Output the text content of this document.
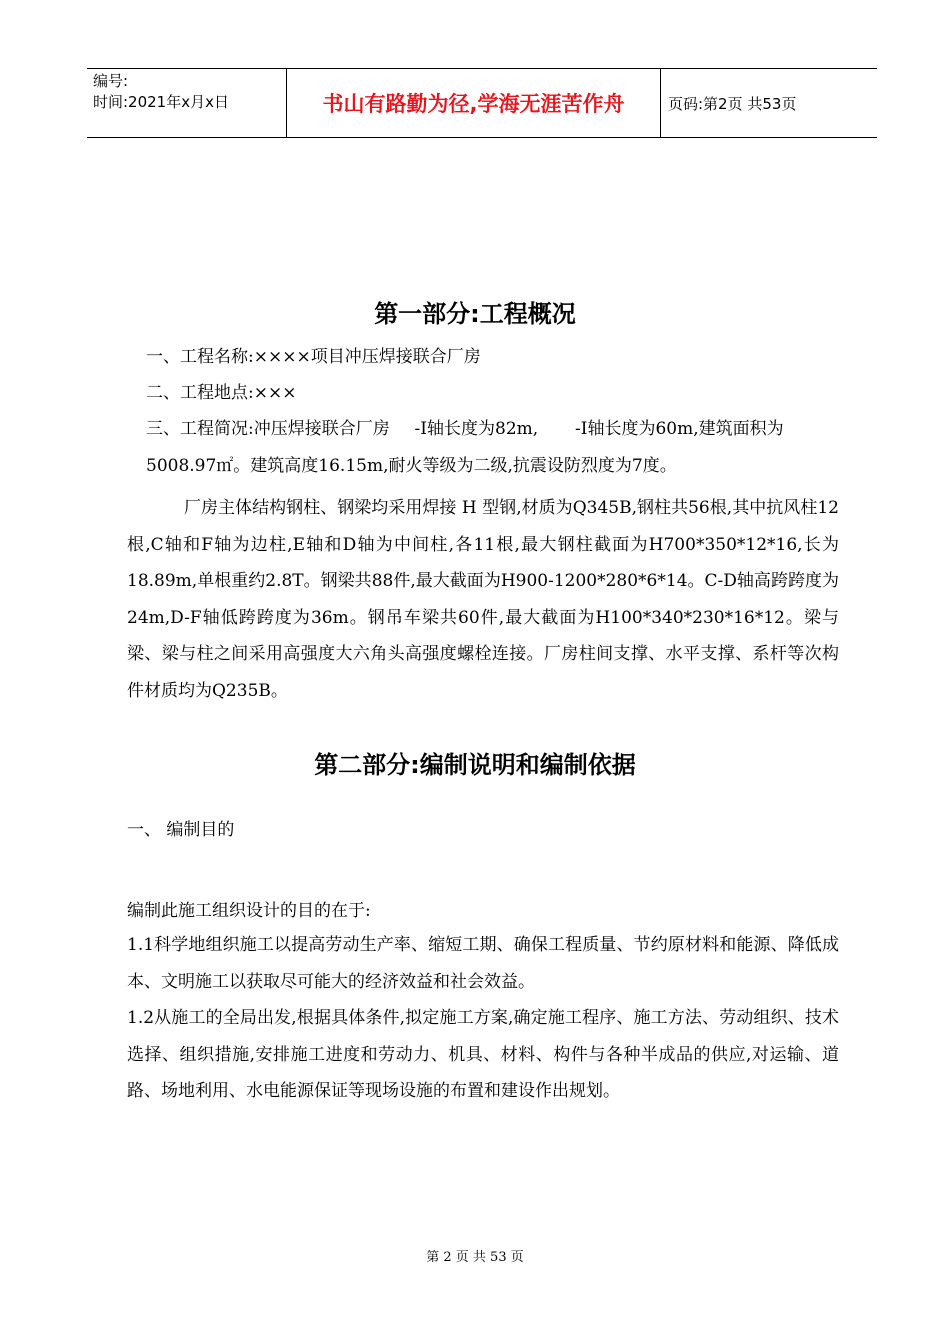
编号:
时间:2021年x月x日	书山有路勤为径,学海无涯苦作舟	页码:第2页 共53页
第一部分:工程概况
一、工程名称:××××项目冲压焊接联合厂房
二、工程地点:×××
三、工程简况:冲压焊接联合厂房 -Ⅰ轴长度为82m, -Ⅰ轴长度为60m,建筑面积为
5008.97㎡。建筑高度16.15m,耐火等级为二级,抗震设防烈度为7度。
厂房主体结构钢柱、钢梁均采用焊接 H 型钢,材质为Q345B,钢柱共56根,其中抗风柱12根,C轴和F轴为边柱,E轴和D轴为中间柱,各11根,最大钢柱截面为H700*350*12*16,长为18.89m,单根重约2.8T。钢梁共88件,最大截面为H900-1200*280*6*14。C-D轴高跨跨度为24m,D-F轴低跨跨度为36m。钢吊车梁共60件,最大截面为H100*340*230*16*12。梁与梁、梁与柱之间采用高强度大六角头高强度螺栓连接。厂房柱间支撑、水平支撑、系杆等次构件材质均为Q235B。
第二部分:编制说明和编制依据
一、 编制目的
编制此施工组织设计的目的在于:
1.1科学地组织施工以提高劳动生产率、缩短工期、确保工程质量、节约原材料和能源、降低成本、文明施工以获取尽可能大的经济效益和社会效益。
1.2从施工的全局出发,根据具体条件,拟定施工方案,确定施工程序、施工方法、劳动组织、技术选择、组织措施,安排施工进度和劳动力、机具、材料、构件与各种半成品的供应,对运输、道路、场地利用、水电能源保证等现场设施的布置和建设作出规划。
第 2 页 共 53 页
